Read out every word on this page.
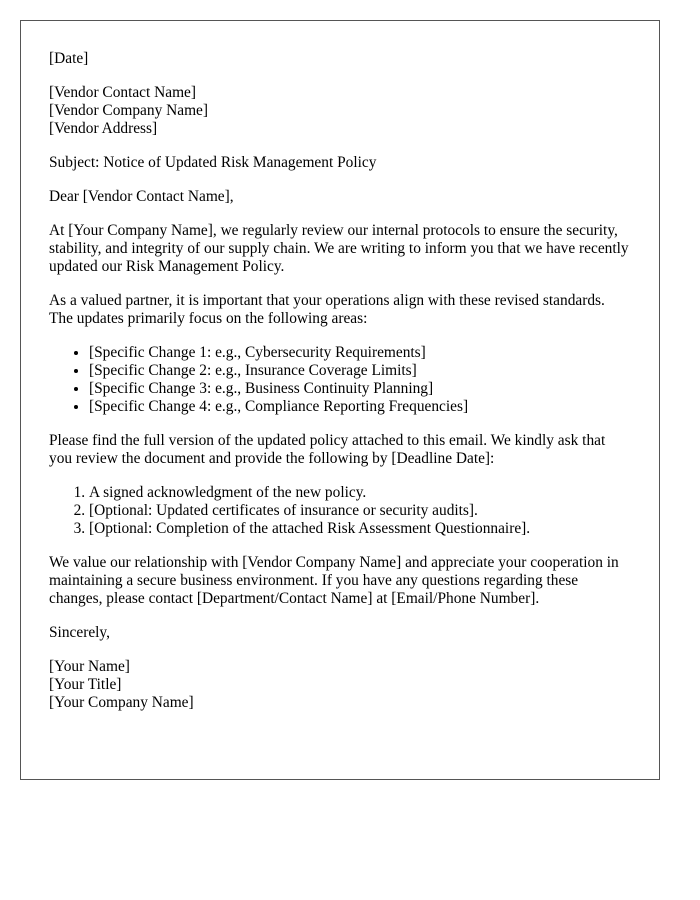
[Date]

[Vendor Contact Name]
[Vendor Company Name]
[Vendor Address]

Subject: Notice of Updated Risk Management Policy

Dear [Vendor Contact Name],

At [Your Company Name], we regularly review our internal protocols to ensure the security, stability, and integrity of our supply chain. We are writing to inform you that we have recently updated our Risk Management Policy.

As a valued partner, it is important that your operations align with these revised standards. The updates primarily focus on the following areas:

• [Specific Change 1: e.g., Cybersecurity Requirements]
• [Specific Change 2: e.g., Insurance Coverage Limits]
• [Specific Change 3: e.g., Business Continuity Planning]
• [Specific Change 4: e.g., Compliance Reporting Frequencies]

Please find the full version of the updated policy attached to this email. We kindly ask that you review the document and provide the following by [Deadline Date]:

1. A signed acknowledgment of the new policy.
2. [Optional: Updated certificates of insurance or security audits].
3. [Optional: Completion of the attached Risk Assessment Questionnaire].

We value our relationship with [Vendor Company Name] and appreciate your cooperation in maintaining a secure business environment. If you have any questions regarding these changes, please contact [Department/Contact Name] at [Email/Phone Number].

Sincerely,

[Your Name]
[Your Title]
[Your Company Name]
